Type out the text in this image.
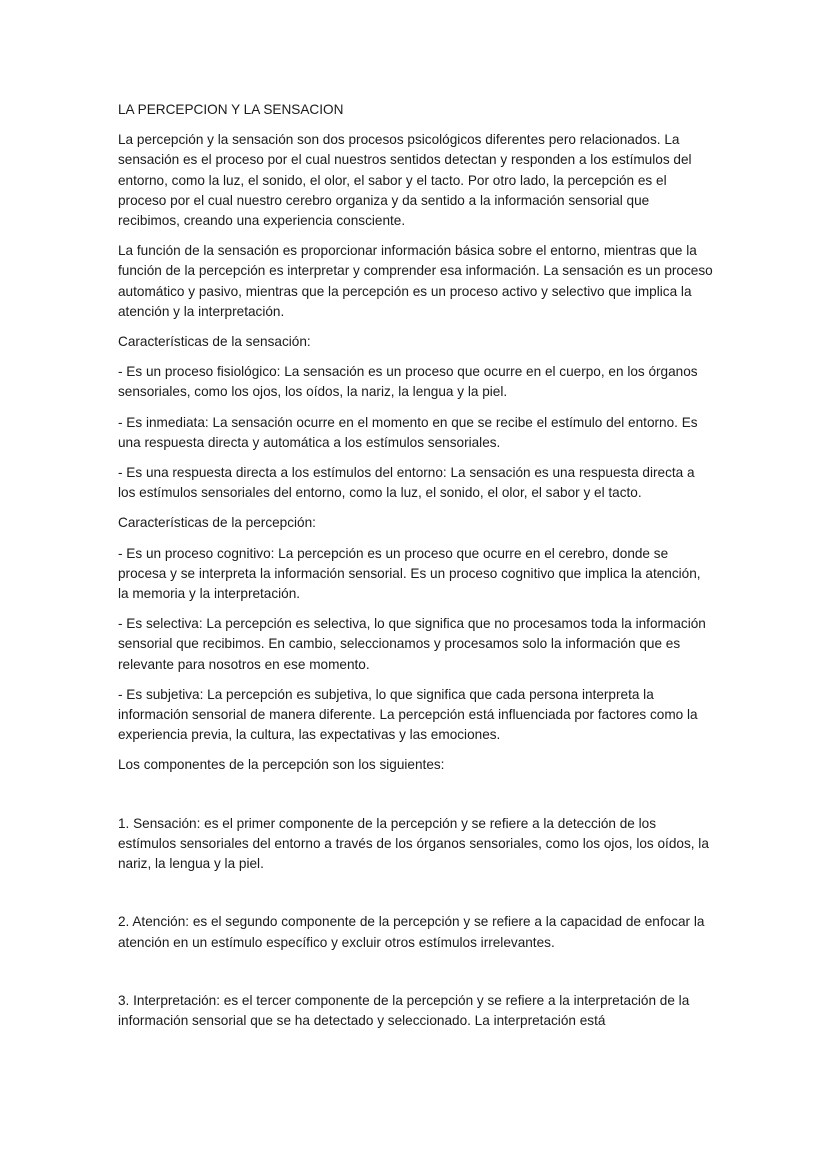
LA PERCEPCION Y LA SENSACION

La percepción y la sensación son dos procesos psicológicos diferentes pero relacionados. La sensación es el proceso por el cual nuestros sentidos detectan y responden a los estímulos del entorno, como la luz, el sonido, el olor, el sabor y el tacto. Por otro lado, la percepción es el proceso por el cual nuestro cerebro organiza y da sentido a la información sensorial que recibimos, creando una experiencia consciente.

La función de la sensación es proporcionar información básica sobre el entorno, mientras que la función de la percepción es interpretar y comprender esa información. La sensación es un proceso automático y pasivo, mientras que la percepción es un proceso activo y selectivo que implica la atención y la interpretación.

Características de la sensación:

- Es un proceso fisiológico: La sensación es un proceso que ocurre en el cuerpo, en los órganos sensoriales, como los ojos, los oídos, la nariz, la lengua y la piel.

- Es inmediata: La sensación ocurre en el momento en que se recibe el estímulo del entorno. Es una respuesta directa y automática a los estímulos sensoriales.

- Es una respuesta directa a los estímulos del entorno: La sensación es una respuesta directa a los estímulos sensoriales del entorno, como la luz, el sonido, el olor, el sabor y el tacto.

Características de la percepción:

- Es un proceso cognitivo: La percepción es un proceso que ocurre en el cerebro, donde se procesa y se interpreta la información sensorial. Es un proceso cognitivo que implica la atención, la memoria y la interpretación.

- Es selectiva: La percepción es selectiva, lo que significa que no procesamos toda la información sensorial que recibimos. En cambio, seleccionamos y procesamos solo la información que es relevante para nosotros en ese momento.

- Es subjetiva: La percepción es subjetiva, lo que significa que cada persona interpreta la información sensorial de manera diferente. La percepción está influenciada por factores como la experiencia previa, la cultura, las expectativas y las emociones.

Los componentes de la percepción son los siguientes:

1. Sensación: es el primer componente de la percepción y se refiere a la detección de los estímulos sensoriales del entorno a través de los órganos sensoriales, como los ojos, los oídos, la nariz, la lengua y la piel.

2. Atención: es el segundo componente de la percepción y se refiere a la capacidad de enfocar la atención en un estímulo específico y excluir otros estímulos irrelevantes.

3. Interpretación: es el tercer componente de la percepción y se refiere a la interpretación de la información sensorial que se ha detectado y seleccionado. La interpretación está
